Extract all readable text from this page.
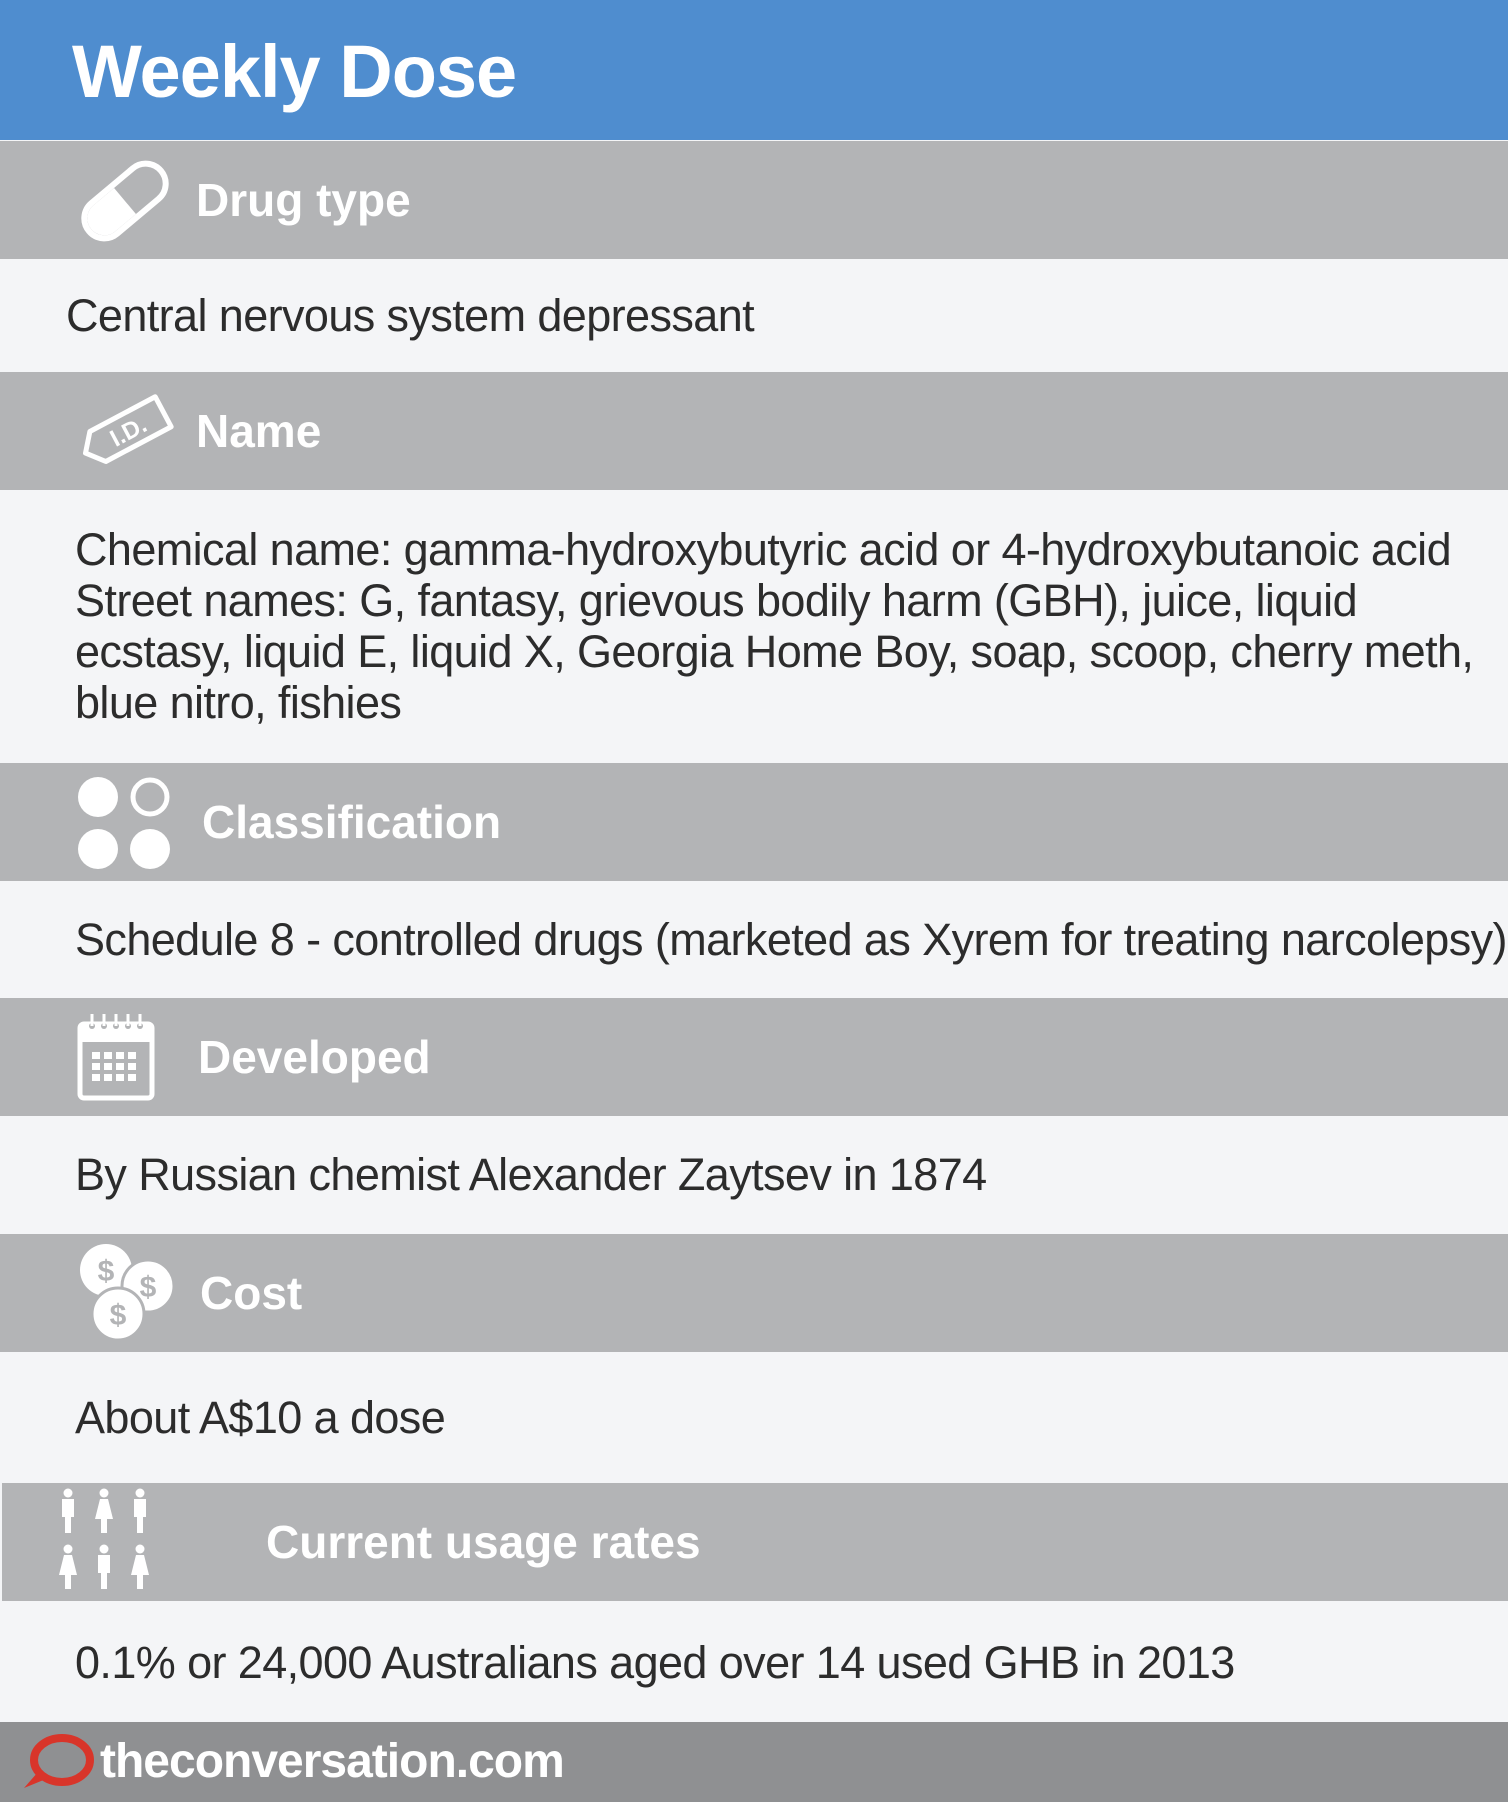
Weekly Dose
Drug type
Central nervous system depressant
I.D. Name
Chemical name: gamma-hydroxybutyric acid or 4-hydroxybutanoic acid
Street names: G, fantasy, grievous bodily harm (GBH), juice, liquid ecstasy, liquid E, liquid X, Georgia Home Boy, soap, scoop, cherry meth, blue nitro, fishies
Classification
Schedule 8 - controlled drugs (marketed as Xyrem for treating narcolepsy)
Developed
By Russian chemist Alexander Zaytsev in 1874
$ $
$ Cost
About A$10 a dose
Current usage rates
0.1% or 24,000 Australians aged over 14 used GHB in 2013
theconversation.com
